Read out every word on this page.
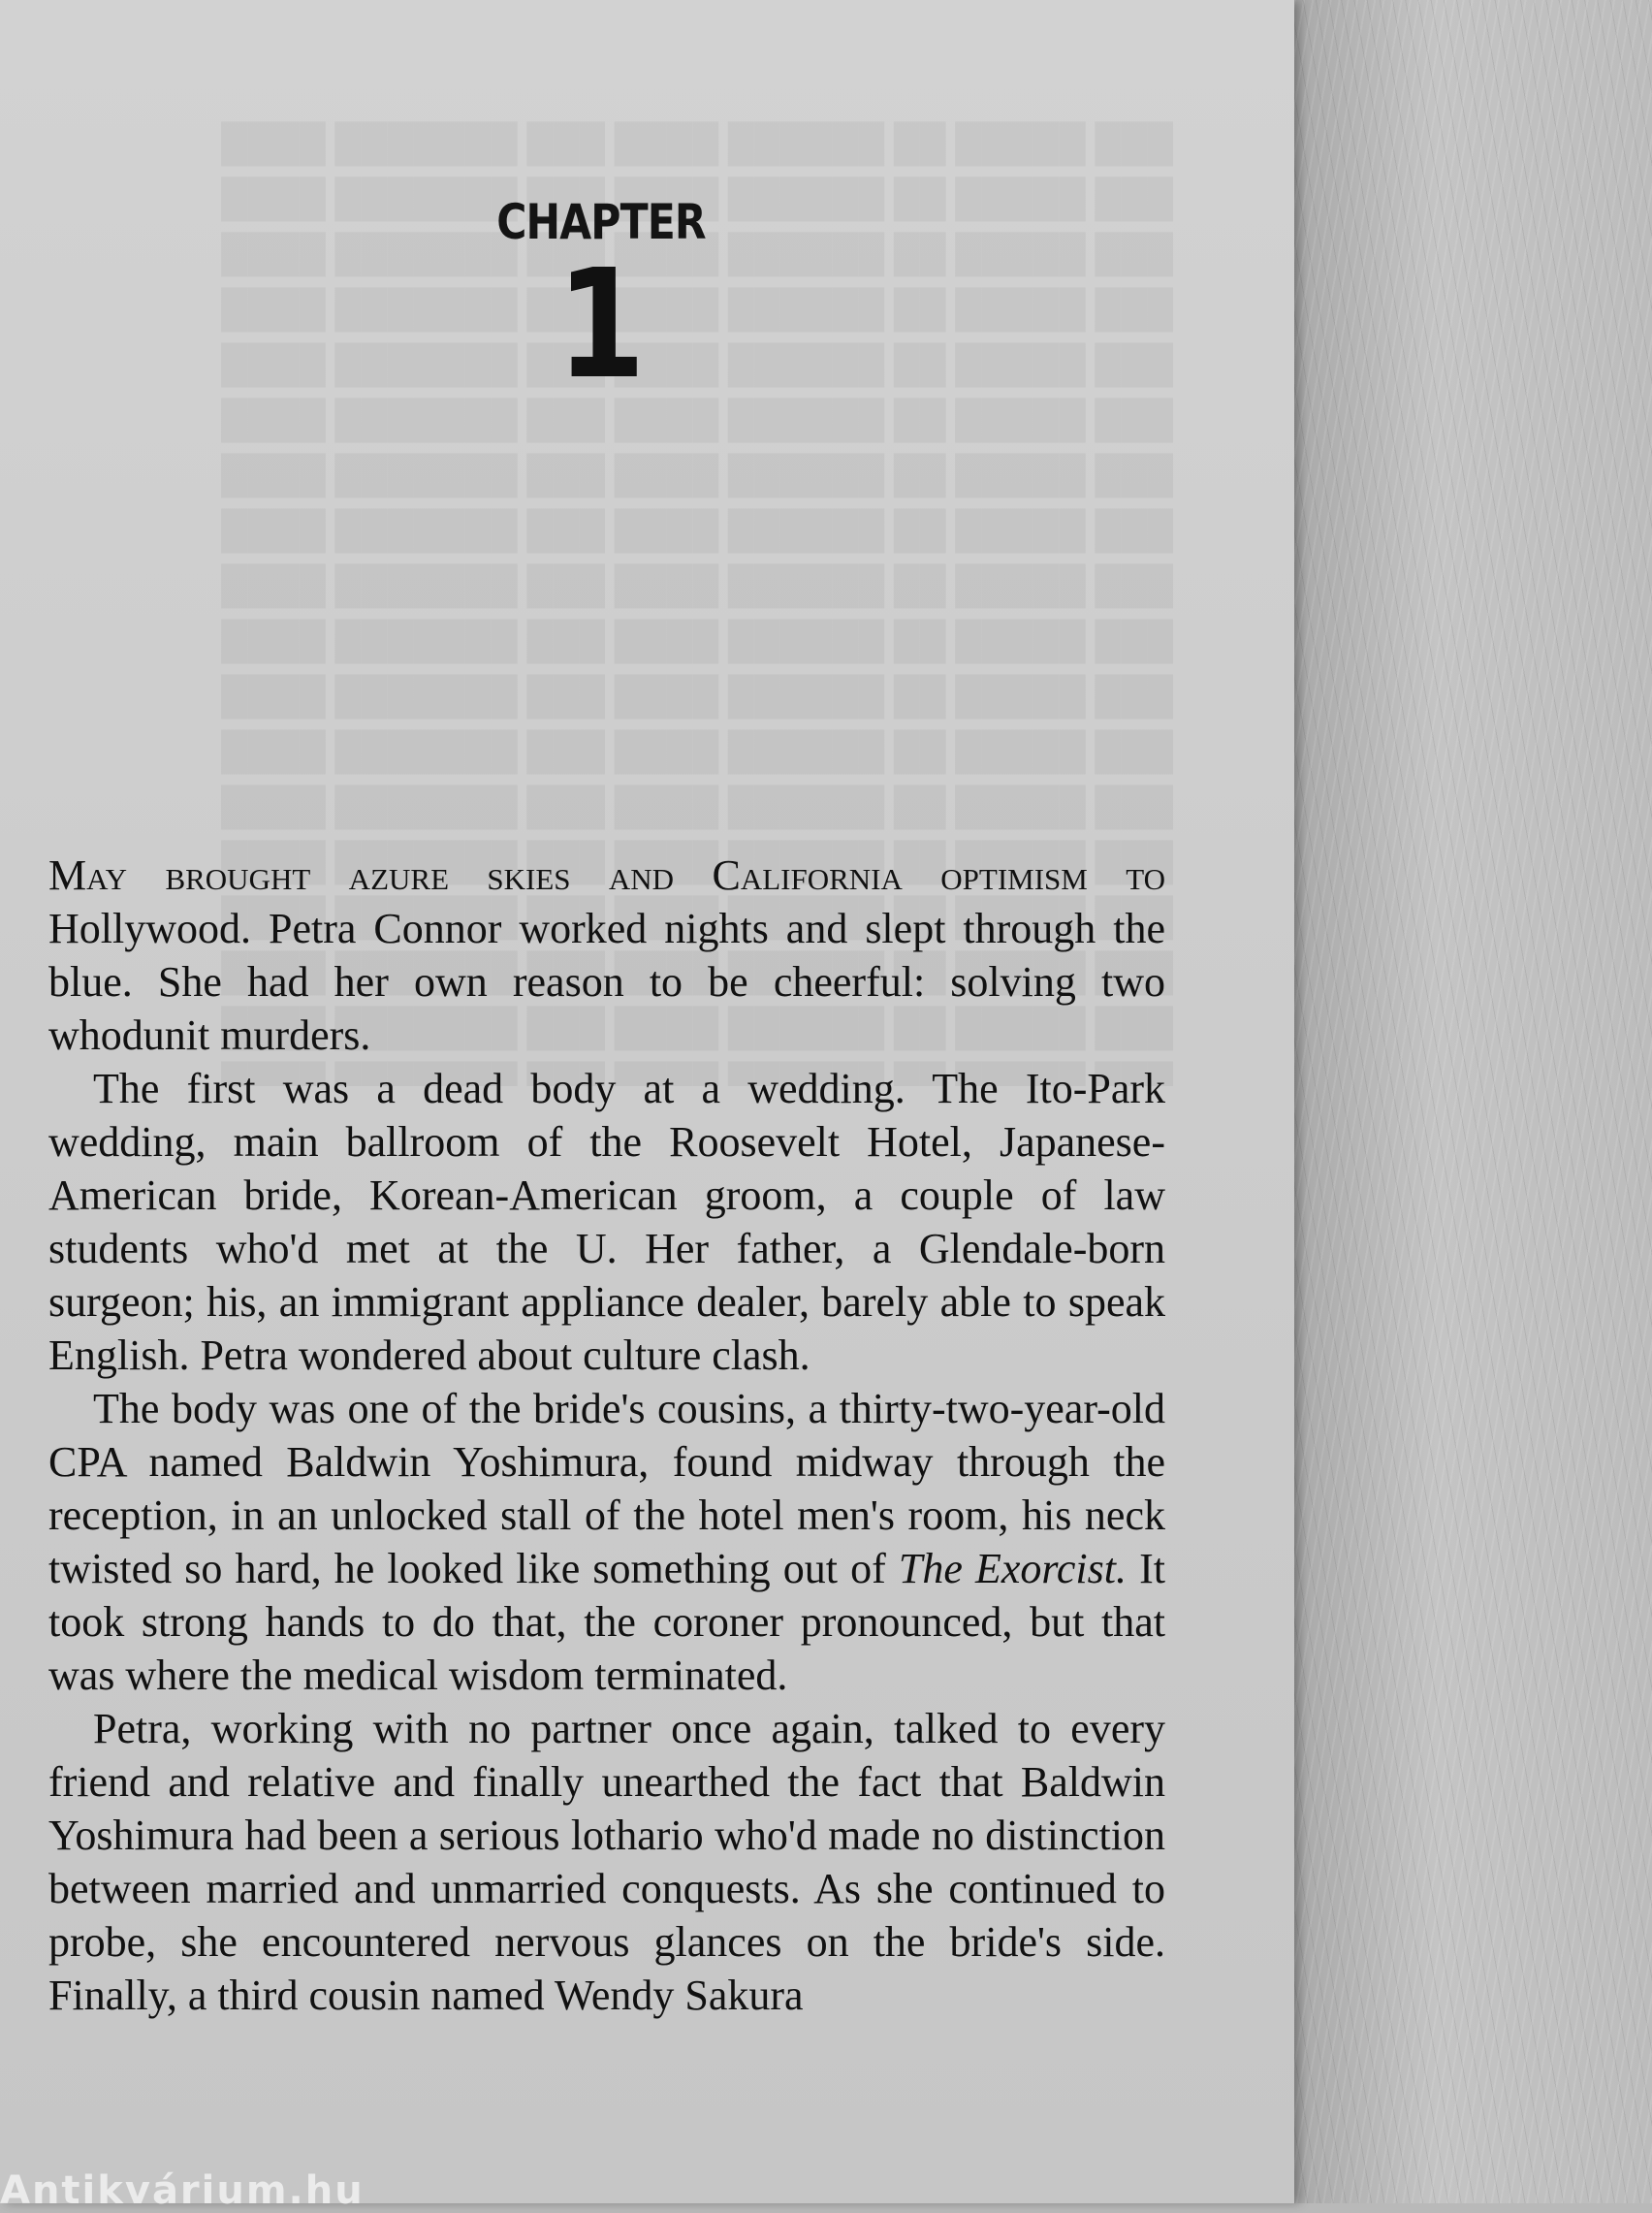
CHAPTER
1

May brought azure skies and California optimism to Hollywood. Petra Connor worked nights and slept through the blue. She had her own reason to be cheerful: solving two whodunit murders.

The first was a dead body at a wedding. The Ito-Park wedding, main ballroom of the Roosevelt Hotel, Japanese-American bride, Korean-American groom, a couple of law students who'd met at the U. Her father, a Glendale-born surgeon; his, an immigrant appliance dealer, barely able to speak English. Petra wondered about culture clash.

The body was one of the bride's cousins, a thirty-two-year-old CPA named Baldwin Yoshimura, found midway through the reception, in an unlocked stall of the hotel men's room, his neck twisted so hard, he looked like something out of The Exorcist. It took strong hands to do that, the coroner pronounced, but that was where the medical wisdom terminated.

Petra, working with no partner once again, talked to every friend and relative and finally unearthed the fact that Baldwin Yoshimura had been a serious lothario who'd made no distinction between married and unmarried conquests. As she continued to probe, she encountered nervous glances on the bride's side. Finally, a third cousin named Wendy Sakura

Antikvárium.hu
